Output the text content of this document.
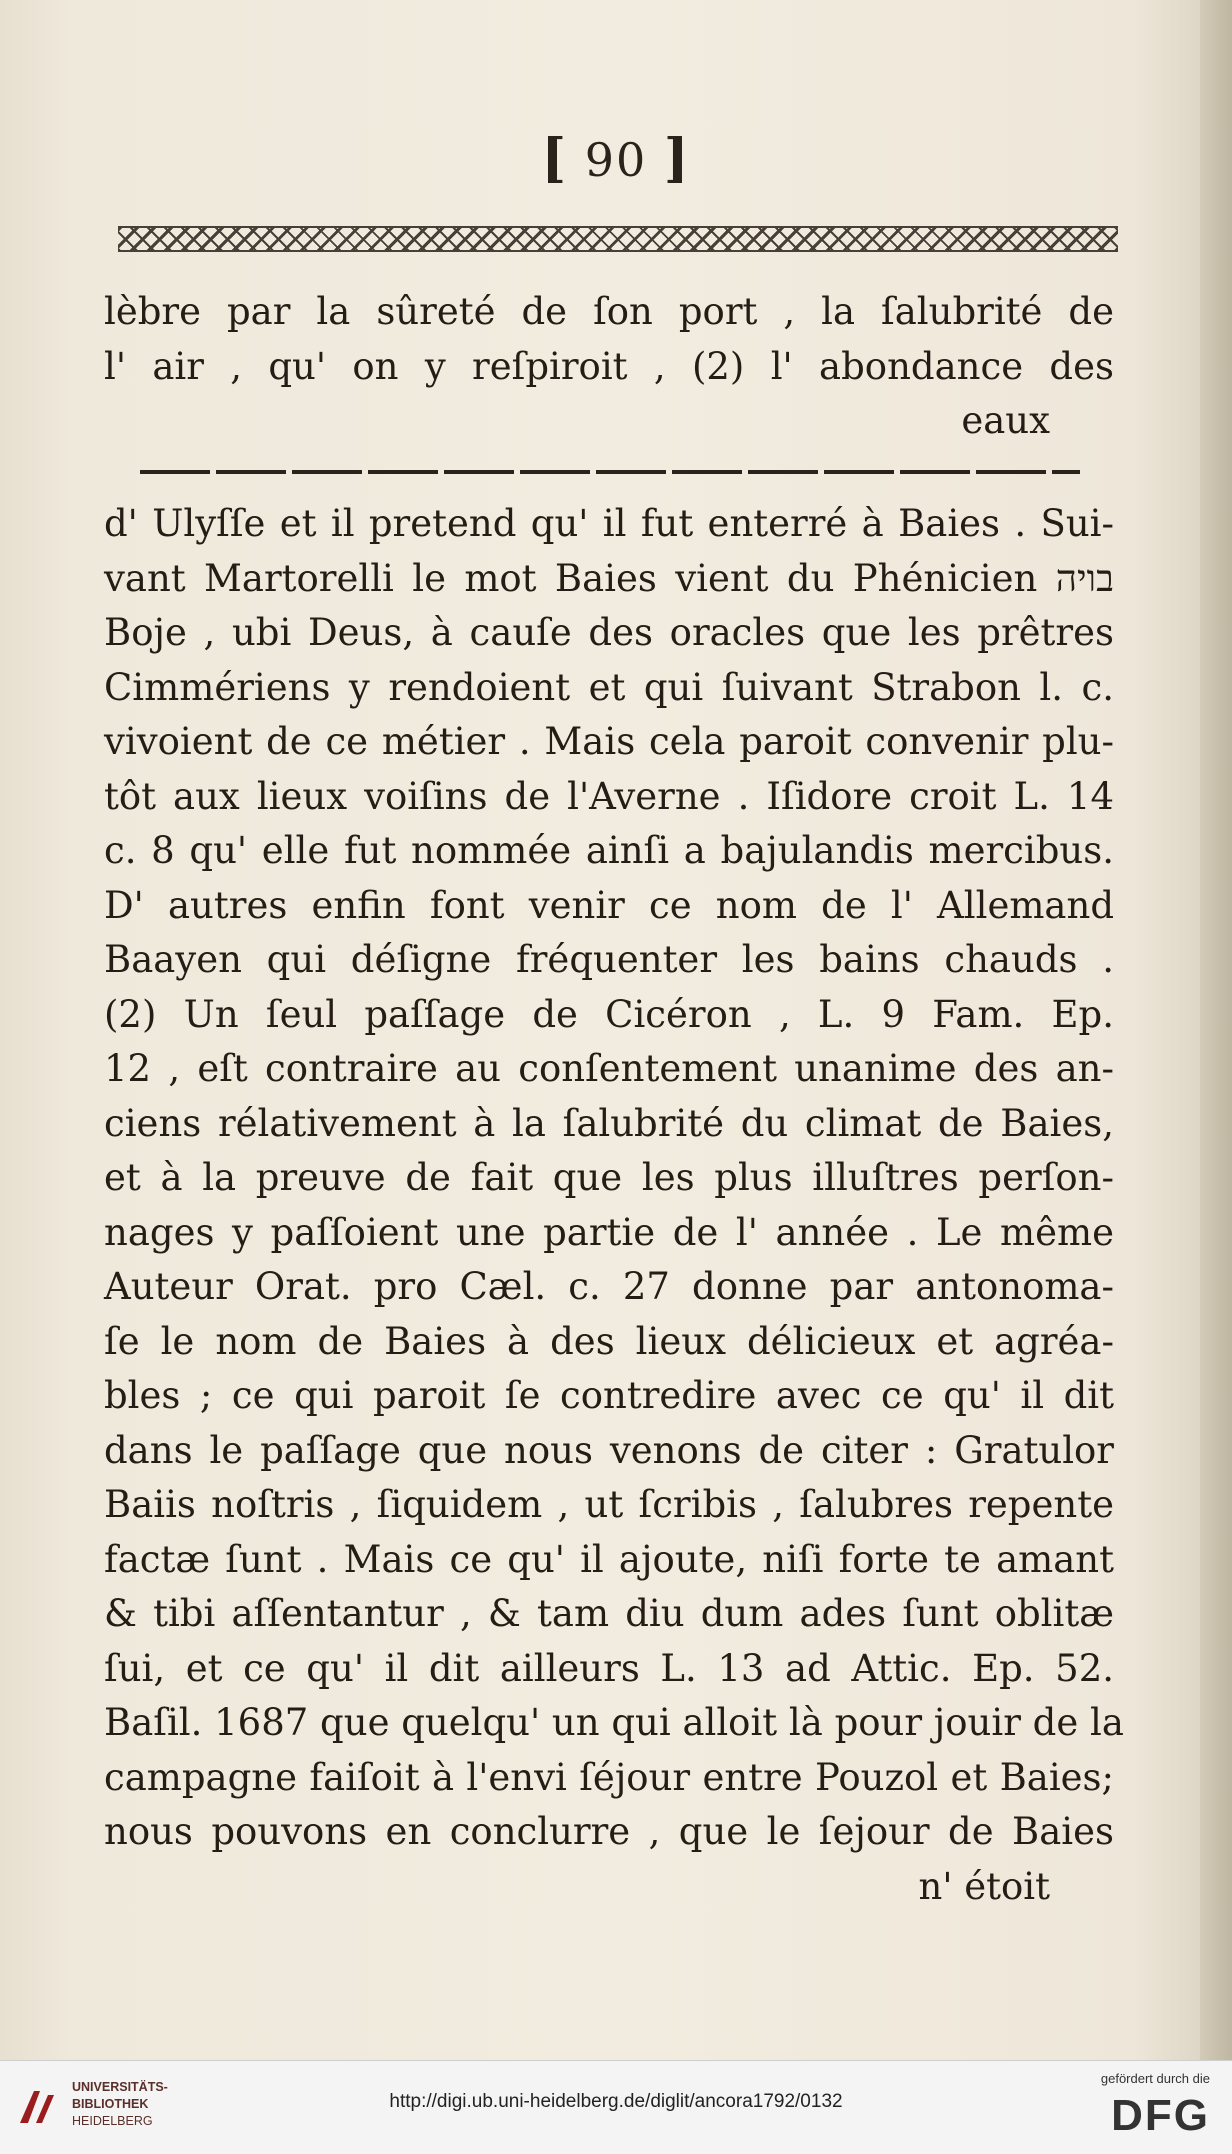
[ 90 ]
lèbre par la sûreté de ſon port , la ſalubrité de
l' air , qu' on y reſpiroit , (2) l' abondance des
eaux
d' Ulyſſe et il pretend qu' il fut enterré à Baies . Sui-
vant Martorelli le mot Baies vient du Phénicien בויה
Boje , ubi Deus, à cauſe des oracles que les prêtres
Cimmériens y rendoient et qui ſuivant Strabon l. c.
vivoient de ce métier . Mais cela paroit convenir plu-
tôt aux lieux voiſins de l'Averne . Iſidore croit L. 14
c. 8 qu' elle fut nommée ainſi a bajulandis mercibus.
D' autres enfin font venir ce nom de l' Allemand
Baayen qui déſigne fréquenter les bains chauds .
(2) Un ſeul paſſage de Cicéron , L. 9 Fam. Ep.
12 , eſt contraire au conſentement unanime des an-
ciens rélativement à la ſalubrité du climat de Baies,
et à la preuve de fait que les plus illuſtres perſon-
nages y paſſoient une partie de l' année . Le même
Auteur Orat. pro Cæl. c. 27 donne par antonoma-
ſe le nom de Baies à des lieux délicieux et agréa-
bles ; ce qui paroit ſe contredire avec ce qu' il dit
dans le paſſage que nous venons de citer : Gratulor
Baiis noſtris , ſiquidem , ut ſcribis , ſalubres repente
factæ ſunt . Mais ce qu' il ajoute, niſi forte te amant
& tibi aſſentantur , & tam diu dum ades ſunt oblitæ
ſui, et ce qu' il dit ailleurs L. 13 ad Attic. Ep. 52.
Baſil. 1687 que quelqu' un qui alloit là pour jouir de la
campagne faiſoit à l'envi ſéjour entre Pouzol et Baies;
nous pouvons en conclurre , que le ſejour de Baies
n' étoit
UNIVERSITÄTS-
BIBLIOTHEK
HEIDELBERG
http://digi.ub.uni-heidelberg.de/diglit/ancora1792/0132
gefördert durch die
DFG
